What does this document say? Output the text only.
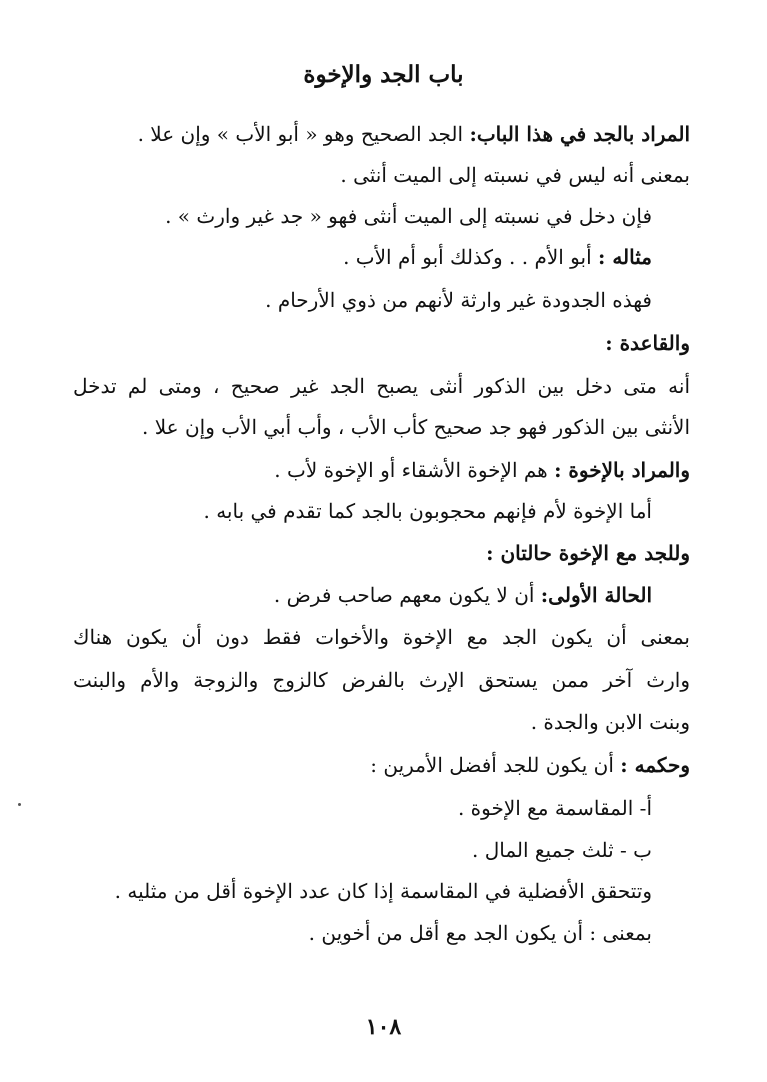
باب الجد والإخوة
المراد بالجد في هذا الباب: الجد الصحيح وهو « أبو الأب » وإن علا .
بمعنى أنه ليس في نسبته إلى الميت أنثى .
فإن دخل في نسبته إلى الميت أنثى فهو « جد غير وارث » .
مثاله : أبو الأم . . وكذلك أبو أم الأب .
فهذه الجدودة غير وارثة لأنهم من ذوي الأرحام .
والقاعدة :
أنه متى دخل بين الذكور أنثى يصبح الجد غير صحيح ، ومتى لم تدخل
الأنثى بين الذكور فهو جد صحيح كأب الأب ، وأب أبي الأب وإن علا .
والمراد بالإخوة : هم الإخوة الأشقاء أو الإخوة لأب .
أما الإخوة لأم فإنهم محجوبون بالجد كما تقدم في بابه .
وللجد مع الإخوة حالتان :
الحالة الأولى: أن لا يكون معهم صاحب فرض .
بمعنى أن يكون الجد مع الإخوة والأخوات فقط دون أن يكون هناك
وارث آخر ممن يستحق الإرث بالفرض كالزوج والزوجة والأم والبنت
وبنت الابن والجدة .
وحكمه : أن يكون للجد أفضل الأمرين :
أ- المقاسمة مع الإخوة .
ب - ثلث جميع المال .
وتتحقق الأفضلية في المقاسمة إذا كان عدد الإخوة أقل من مثليه .
بمعنى : أن يكون الجد مع أقل من أخوين .
١٠٨
